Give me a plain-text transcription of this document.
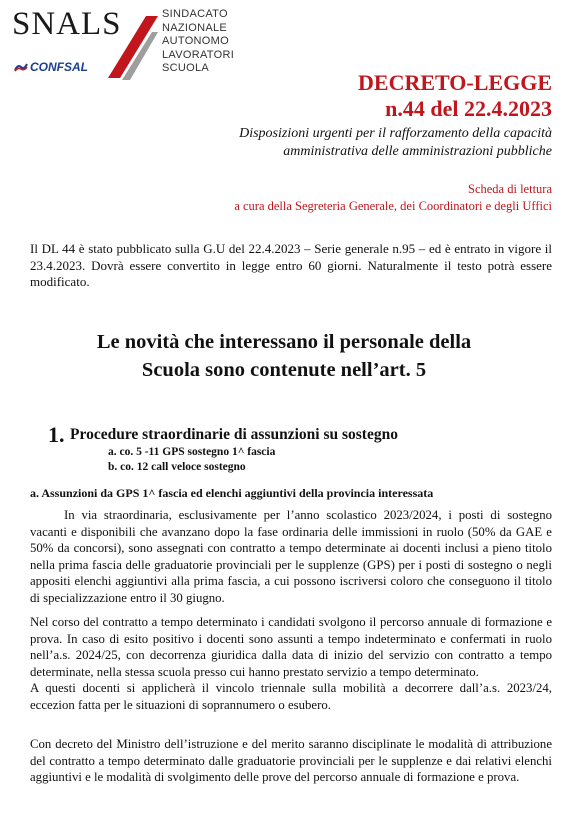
SNALS
CONFSAL
SINDACATO
NAZIONALE
AUTONOMO
LAVORATORI
SCUOLA
DECRETO-LEGGE
n.44 del 22.4.2023
Disposizioni urgenti per il rafforzamento della capacità
amministrativa delle amministrazioni pubbliche
Scheda di lettura
a cura della Segreteria Generale, dei Coordinatori e degli Uffici
Il DL 44 è stato pubblicato sulla G.U del 22.4.2023 – Serie generale n.95 – ed è entrato in vigore il 23.4.2023. Dovrà essere convertito in legge entro 60 giorni. Naturalmente il testo potrà essere modificato.
Le novità che interessano il personale della
Scuola sono contenute nell’art. 5
1. Procedure straordinarie di assunzioni su sostegno
a. co. 5 -11 GPS sostegno 1^ fascia
b. co. 12 call veloce sostegno
a. Assunzioni da GPS 1^ fascia ed elenchi aggiuntivi della provincia interessata
In via straordinaria, esclusivamente per l’anno scolastico 2023/2024, i posti di sostegno vacanti e disponibili che avanzano dopo la fase ordinaria delle immissioni in ruolo (50% da GAE e 50% da concorsi), sono assegnati con contratto a tempo determinate ai docenti inclusi a pieno titolo nella prima fascia delle graduatorie provinciali per le supplenze (GPS) per i posti di sostegno o negli appositi elenchi aggiuntivi alla prima fascia, a cui possono iscriversi coloro che conseguono il titolo di specializzazione entro il 30 giugno.
Nel corso del contratto a tempo determinato i candidati svolgono il percorso annuale di formazione e prova. In caso di esito positivo i docenti sono assunti a tempo indeterminato e confermati in ruolo nell’a.s. 2024/25, con decorrenza giuridica dalla data di inizio del servizio con contratto a tempo determinate, nella stessa scuola presso cui hanno prestato servizio a tempo determinato.
A questi docenti si applicherà il vincolo triennale sulla mobilità a decorrere dall’a.s. 2023/24, eccezion fatta per le situazioni di soprannumero o esubero.
Con decreto del Ministro dell’istruzione e del merito saranno disciplinate le modalità di attribuzione del contratto a tempo determinato dalle graduatorie provinciali per le supplenze e dai relativi elenchi aggiuntivi e le modalità di svolgimento delle prove del percorso annuale di formazione e prova.
